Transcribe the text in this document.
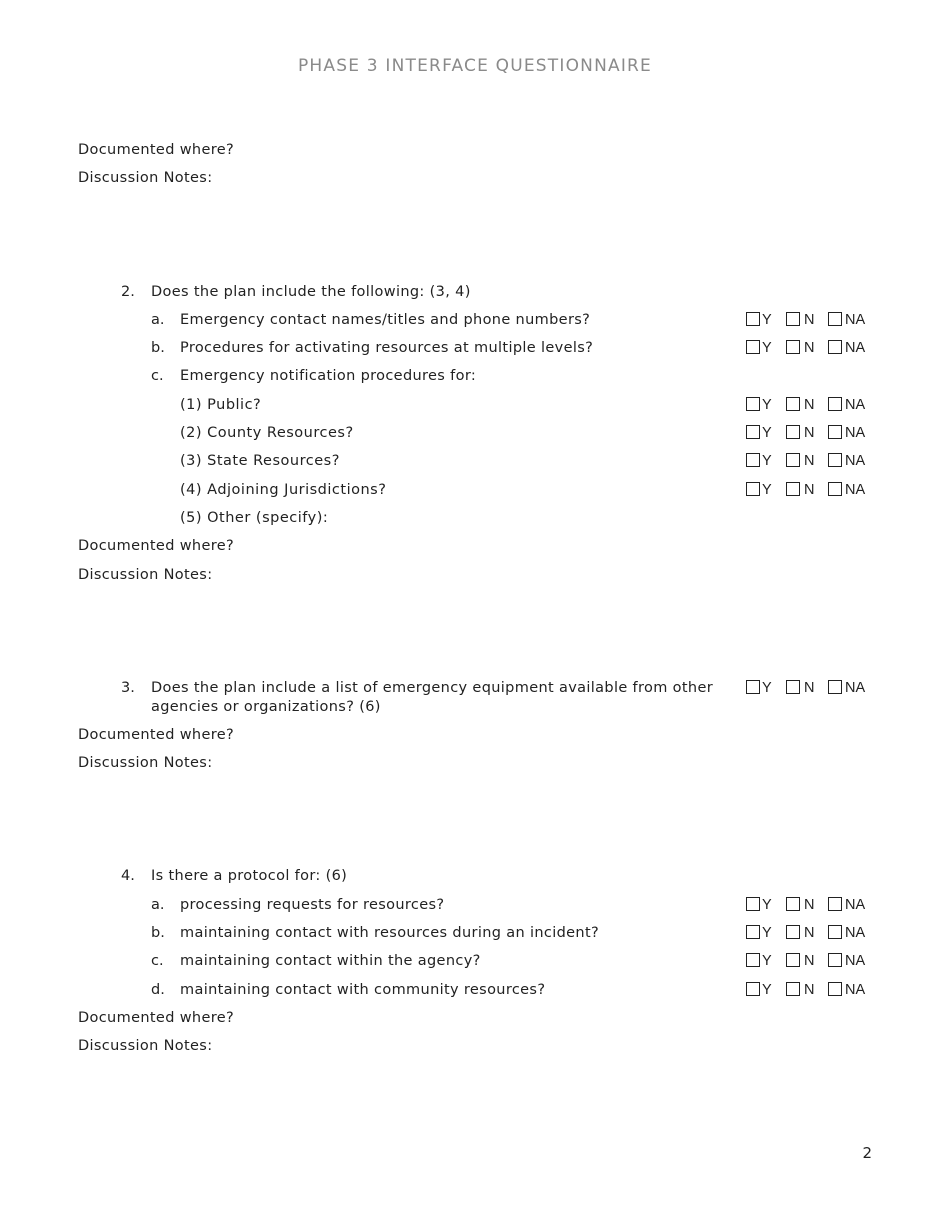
PHASE 3 INTERFACE QUESTIONNAIRE
Documented where?
Discussion Notes:
2. Does the plan include the following: (3, 4)
a. Emergency contact names/titles and phone numbers?	Y N NA
b. Procedures for activating resources at multiple levels?	Y N NA
c. Emergency notification procedures for:
(1) Public?	Y N NA
(2) County Resources?	Y N NA
(3) State Resources?	Y N NA
(4) Adjoining Jurisdictions?	Y N NA
(5) Other (specify):
Documented where?
Discussion Notes:
3. Does the plan include a list of emergency equipment available from other
agencies or organizations? (6)
Y N NA
Documented where?
Discussion Notes:
4. Is there a protocol for: (6)
a. processing requests for resources?	Y N NA
b. maintaining contact with resources during an incident?	Y N NA
c. maintaining contact within the agency?	Y N NA
d. maintaining contact with community resources?	Y N NA
Documented where?
Discussion Notes:
2
